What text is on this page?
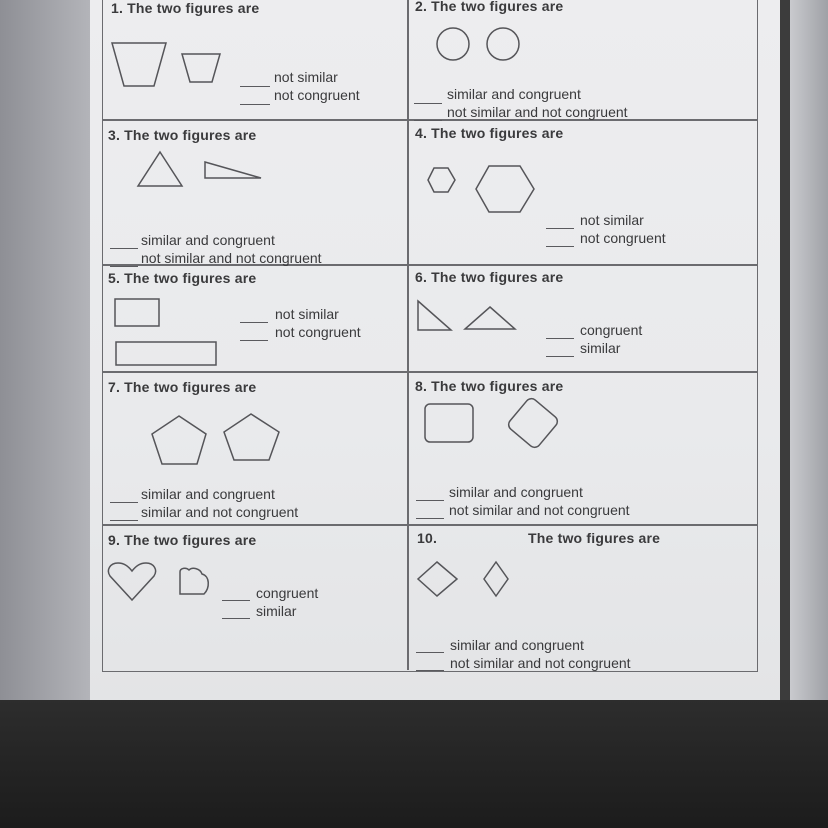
1. The two figures are
not similar
not congruent
2. The two figures are
similar and congruent
not similar and not congruent
3. The two figures are
similar and congruent
not similar and not congruent
4. The two figures are
not similar
not congruent
5. The two figures are
not similar
not congruent
6. The two figures are
congruent
similar
7. The two figures are
similar and congruent
similar and not congruent
8. The two figures are
similar and congruent
not similar and not congruent
9. The two figures are
congruent
similar
10.	The two figures are
similar and congruent
not similar and not congruent
